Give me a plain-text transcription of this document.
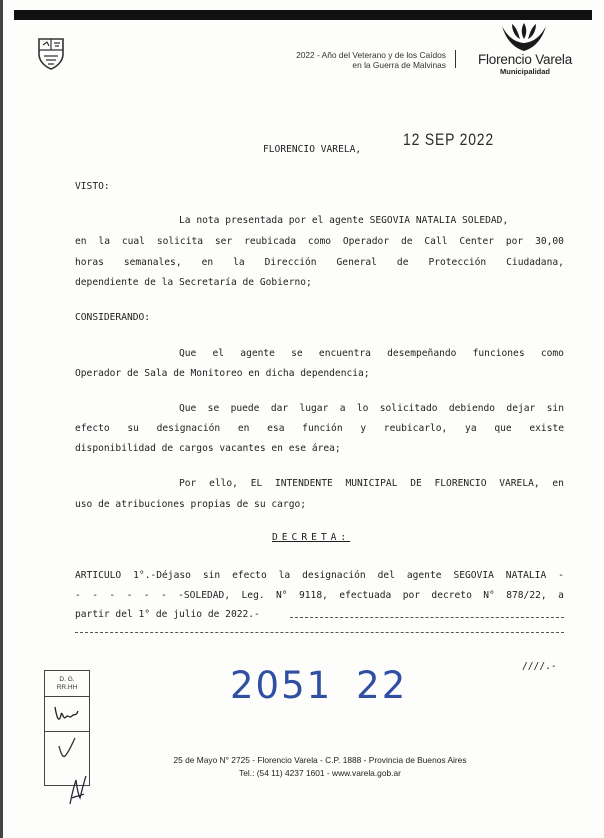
2022 - Año del Veterano y de los Caídos
en la Guerra de Malvinas	Florencio Varela
Municipalidad
FLORENCIO VARELA,
12 SEP 2022
VISTO:
La nota presentada por el agente SEGOVIA NATALIA SOLEDAD,
en la cual solicita ser reubicada como Operador de Call Center por 30,00
horas semanales, en la Dirección General de Protección Ciudadana,
dependiente de la Secretaría de Gobierno;
CONSIDERANDO:
Que el agente se encuentra desempeñando funciones como
Operador de Sala de Monitoreo en dicha dependencia;
Que se puede dar lugar a lo solicitado debiendo dejar sin
efecto su designación en esa función y reubicarlo, ya que existe
disponibilidad de cargos vacantes en ese área;
Por ello, EL INTENDENTE MUNICIPAL DE FLORENCIO VARELA, en
uso de atribuciones propias de su cargo;
DECRETA:
ARTICULO 1°.-Déjaso sin efecto la designación del agente SEGOVIA NATALIA -
- - - - - - -SOLEDAD, Leg. N° 9118, efectuada por decreto N° 878/22, a
partir del 1° de julio de 2022.-
////.-
2051 22
D. G.
RR.HH
25 de Mayo N° 2725 - Florencio Varela - C.P. 1888 - Provincia de Buenos Aires
Tel.: (54 11) 4237 1601 - www.varela.gob.ar
